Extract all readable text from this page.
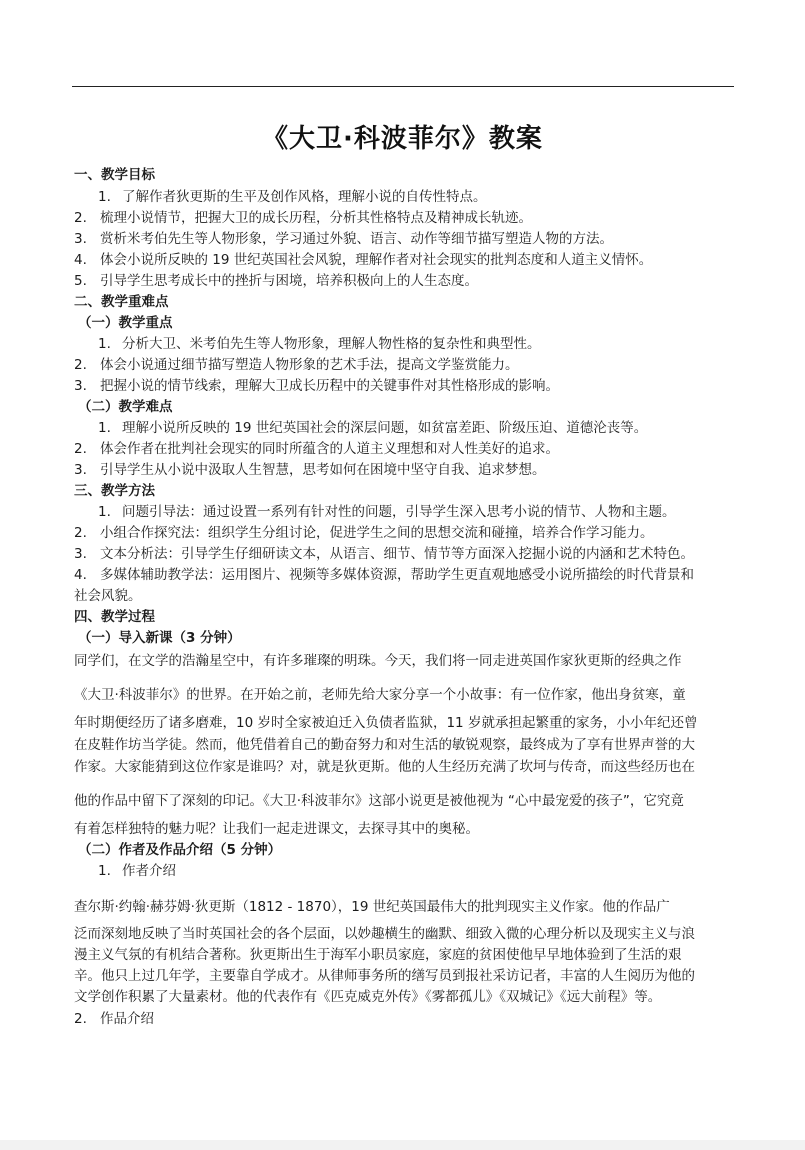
《大卫·科波菲尔》教案
一、教学目标
1. 了解作者狄更斯的生平及创作风格，理解小说的自传性特点。
2. 梳理小说情节，把握大卫的成长历程，分析其性格特点及精神成长轨迹。
3. 赏析米考伯先生等人物形象，学习通过外貌、语言、动作等细节描写塑造人物的方法。
4. 体会小说所反映的 19 世纪英国社会风貌，理解作者对社会现实的批判态度和人道主义情怀。
5. 引导学生思考成长中的挫折与困境，培养积极向上的人生态度。
二、教学重难点
（一）教学重点
1. 分析大卫、米考伯先生等人物形象，理解人物性格的复杂性和典型性。
2. 体会小说通过细节描写塑造人物形象的艺术手法，提高文学鉴赏能力。
3. 把握小说的情节线索，理解大卫成长历程中的关键事件对其性格形成的影响。
（二）教学难点
1. 理解小说所反映的 19 世纪英国社会的深层问题，如贫富差距、阶级压迫、道德沦丧等。
2. 体会作者在批判社会现实的同时所蕴含的人道主义理想和对人性美好的追求。
3. 引导学生从小说中汲取人生智慧，思考如何在困境中坚守自我、追求梦想。
三、教学方法
1. 问题引导法：通过设置一系列有针对性的问题，引导学生深入思考小说的情节、人物和主题。
2. 小组合作探究法：组织学生分组讨论，促进学生之间的思想交流和碰撞，培养合作学习能力。
3. 文本分析法：引导学生仔细研读文本，从语言、细节、情节等方面深入挖掘小说的内涵和艺术特色。
4. 多媒体辅助教学法：运用图片、视频等多媒体资源，帮助学生更直观地感受小说所描绘的时代背景和
社会风貌。
四、教学过程
（一）导入新课（3 分钟）
同学们，在文学的浩瀚星空中，有许多璀璨的明珠。今天，我们将一同走进英国作家狄更斯的经典之作
《大卫·科波菲尔》的世界。在开始之前，老师先给大家分享一个小故事：有一位作家，他出身贫寒，童
年时期便经历了诸多磨难，10 岁时全家被迫迁入负债者监狱，11 岁就承担起繁重的家务，小小年纪还曾
在皮鞋作坊当学徒。然而，他凭借着自己的勤奋努力和对生活的敏锐观察，最终成为了享有世界声誉的大
作家。大家能猜到这位作家是谁吗？对，就是狄更斯。他的人生经历充满了坎坷与传奇，而这些经历也在
他的作品中留下了深刻的印记。《大卫·科波菲尔》这部小说更是被他视为 “心中最宠爱的孩子”，它究竟
有着怎样独特的魅力呢？让我们一起走进课文，去探寻其中的奥秘。
（二）作者及作品介绍（5 分钟）
1. 作者介绍
查尔斯·约翰·赫芬姆·狄更斯（1812 - 1870），19 世纪英国最伟大的批判现实主义作家。他的作品广
泛而深刻地反映了当时英国社会的各个层面，以妙趣横生的幽默、细致入微的心理分析以及现实主义与浪
漫主义气氛的有机结合著称。狄更斯出生于海军小职员家庭，家庭的贫困使他早早地体验到了生活的艰
辛。他只上过几年学，主要靠自学成才。从律师事务所的缮写员到报社采访记者，丰富的人生阅历为他的
文学创作积累了大量素材。他的代表作有《匹克威克外传》《雾都孤儿》《双城记》《远大前程》等。
2. 作品介绍
